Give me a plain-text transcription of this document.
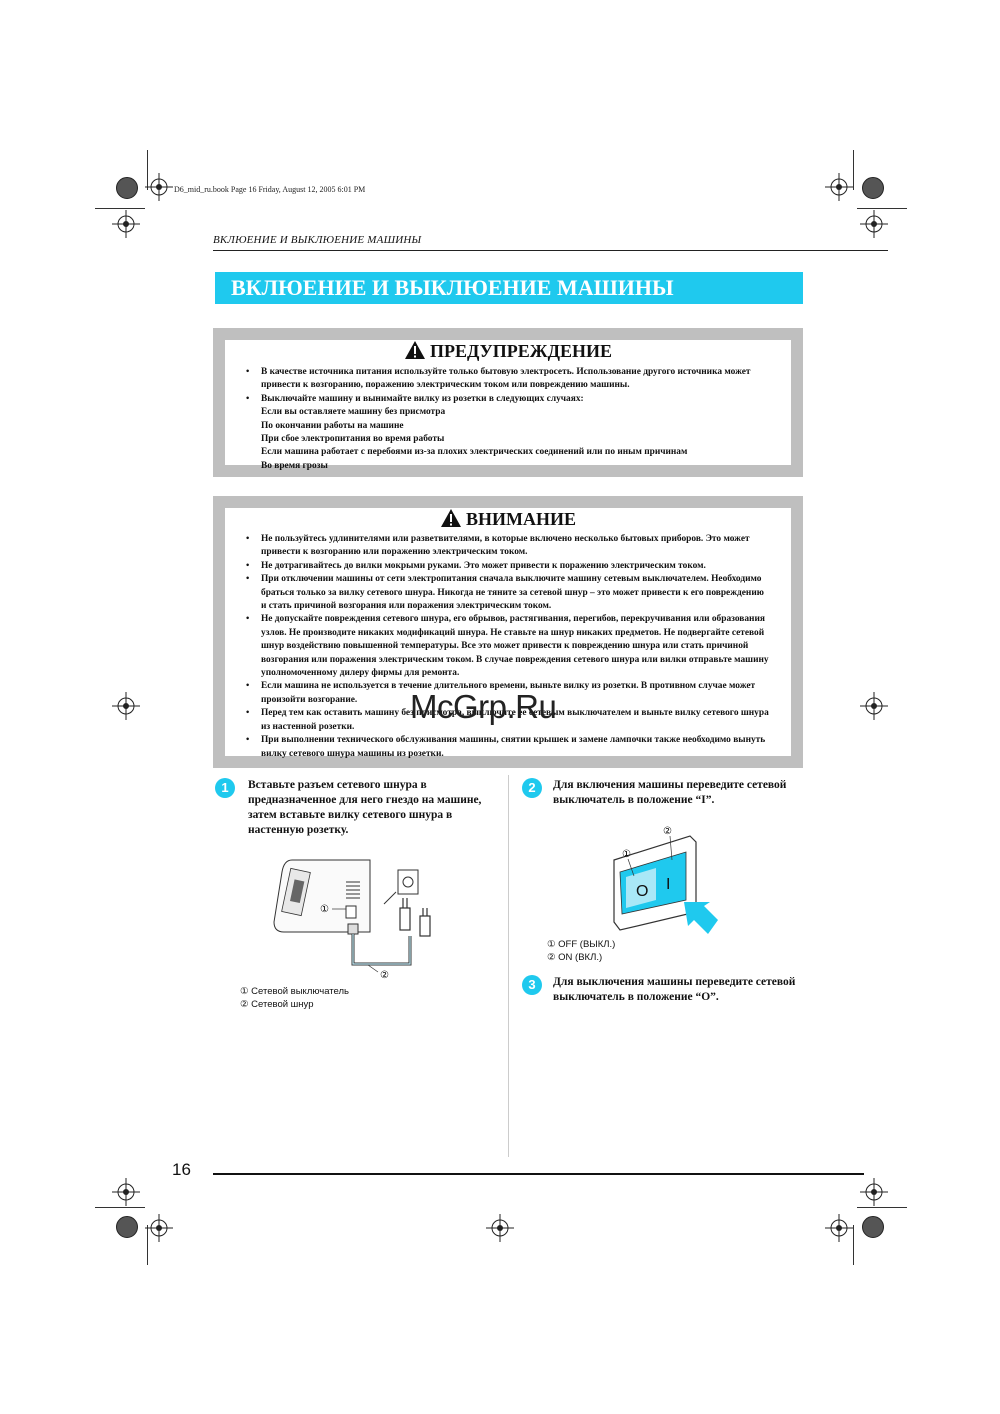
D6_mid_ru.book Page 16 Friday, August 12, 2005 6:01 PM
ВКЛЮЕНИЕ И ВЫКЛЮЕНИЕ МАШИНЫ
ВКЛЮЕНИЕ И ВЫКЛЮЕНИЕ МАШИНЫ
ПРЕДУПРЕЖДЕНИЕ
• В качестве источника питания используйте только бытовую электросеть. Использование другого источника может
привести к возгоранию, поражению электрическим током или повреждению машины.
• Выключайте машину и вынимайте вилку из розетки в следующих случаях:
Если вы оставляете машину без присмотра
По окончании работы на машине
При сбое электропитания во время работы
Если машина работает с перебоями из-за плохих электрических соединений или по иным причинам
Во время грозы
ВНИМАНИЕ
• Не пользуйтесь удлинителями или разветвителями, в которые включено несколько бытовых приборов. Это может
привести к возгоранию или поражению электрическим током.
• Не дотрагивайтесь до вилки мокрыми руками. Это может привести к поражению электрическим током.
• При отключении машины от сети электропитания сначала выключите машину сетевым выключателем. Необходимо
браться только за вилку сетевого шнура. Никогда не тяните за сетевой шнур – это может привести к его повреждению
и стать причиной возгорания или поражения электрическим током.
• Не допускайте повреждения сетевого шнура, его обрывов, растягивания, перегибов, перекручивания или образования
узлов. Не производите никаких модификаций шнура. Не ставьте на шнур никаких предметов. Не подвергайте сетевой
шнур воздействию повышенной температуры. Все это может привести к повреждению шнура или стать причиной
возгорания или поражения электрическим током. В случае повреждения сетевого шнура или вилки отправьте машину
уполномоченному дилеру фирмы для ремонта.
• Если машина не используется в течение длительного времени, выньте вилку из розетки. В противном случае может
произойти возгорание.
• Перед тем как оставить машину без присмотра, выключите ее сетевым выключателем и выньте вилку сетевого шнура
из настенной розетки.
• При выполнении технического обслуживания машины, снятии крышек и замене лампочки также необходимо вынуть
вилку сетевого шнура машины из розетки.
McGrp.Ru
1	Вставьте разъем сетевого шнура в
предназначенное для него гнездо на машине,
затем вставьте вилку сетевого шнура в
настенную розетку.
①
②
① Сетевой выключатель
② Сетевой шнур
2	Для включения машины переведите сетевой
выключатель в положение “I”.
O I
①
②
① OFF (ВЫКЛ.)
② ON (ВКЛ.)
3	Для выключения машины переведите сетевой
выключатель в положение “O”.
16
